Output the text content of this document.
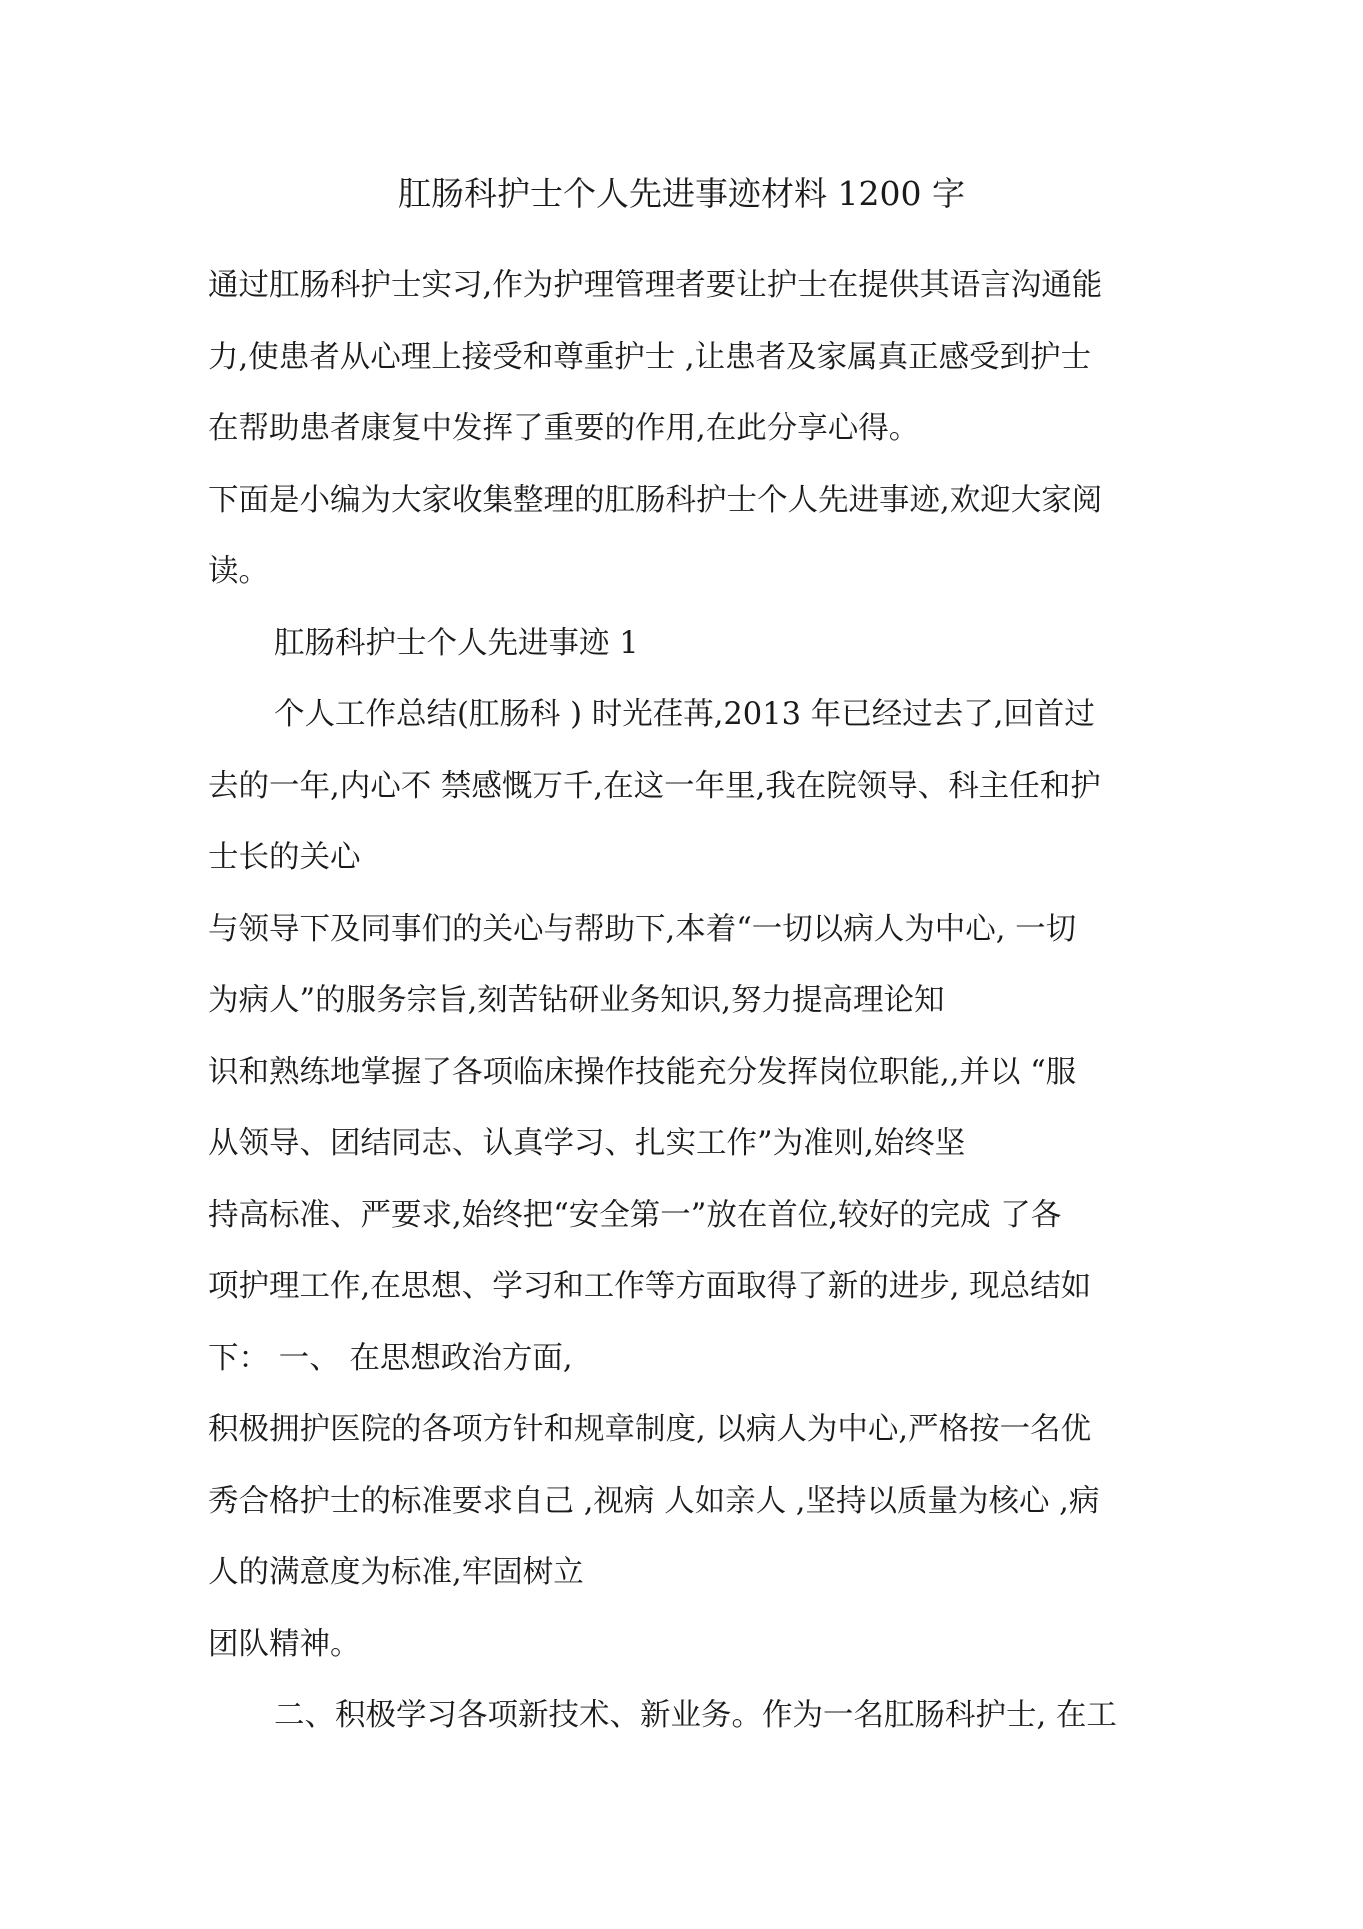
肛肠科护士个人先进事迹材料 1200 字
通过肛肠科护士实习,作为护理管理者要让护士在提供其语言沟通能
力,使患者从心理上接受和尊重护士 ,让患者及家属真正感受到护士
在帮助患者康复中发挥了重要的作用,在此分享心得。
下面是小编为大家收集整理的肛肠科护士个人先进事迹,欢迎大家阅
读。
肛肠科护士个人先进事迹 1
个人工作总结(肛肠科 ) 时光荏苒,2013 年已经过去了,回首过
去的一年,内心不 禁感慨万千,在这一年里,我在院领导、科主任和护
士长的关心
与领导下及同事们的关心与帮助下,本着“一切以病人为中心, 一切
为病人”的服务宗旨,刻苦钻研业务知识,努力提高理论知
识和熟练地掌握了各项临床操作技能充分发挥岗位职能,,并以 “服
从领导、团结同志、认真学习、扎实工作”为准则,始终坚
持高标准、严要求,始终把“安全第一”放在首位,较好的完成 了各
项护理工作,在思想、学习和工作等方面取得了新的进步, 现总结如
下： 一、 在思想政治方面,
积极拥护医院的各项方针和规章制度, 以病人为中心,严格按一名优
秀合格护士的标准要求自己 ,视病 人如亲人 ,坚持以质量为核心 ,病
人的满意度为标准,牢固树立
团队精神。
二、积极学习各项新技术、新业务。作为一名肛肠科护士, 在工
